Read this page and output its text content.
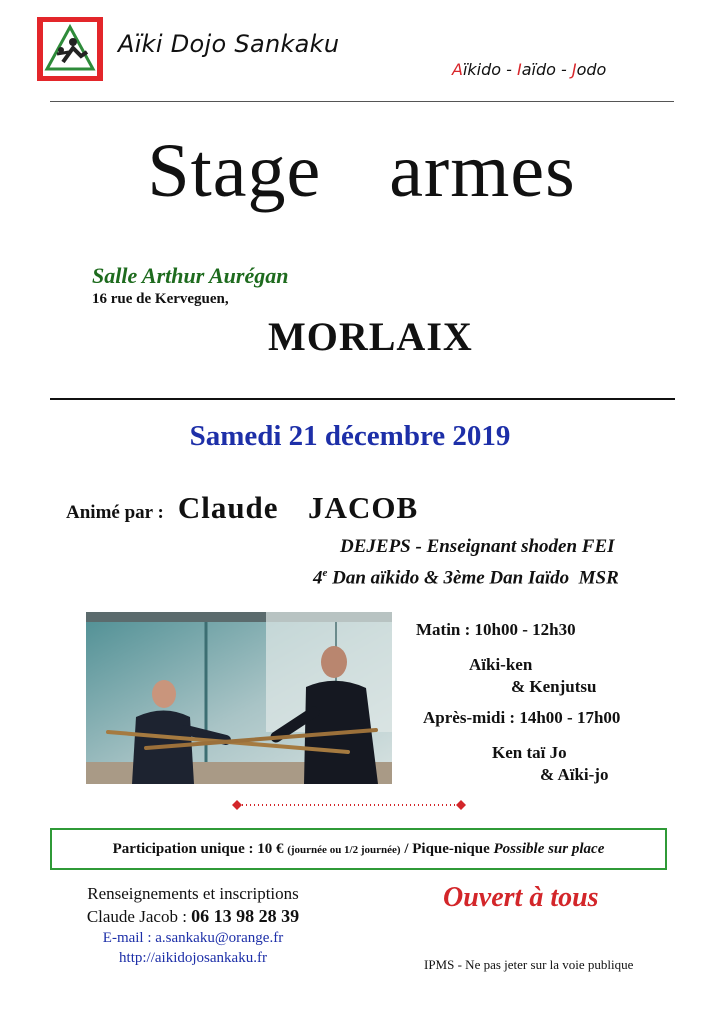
Aïki Dojo Sankaku
Aïkido - Iaïdo - Jodo
Stage  armes
Salle Arthur Aurégan
16 rue de Kerveguen,
MORLAIX
Samedi 21 décembre 2019
Animé par : Claude  JACOB
DEJEPS - Enseignant shoden FEI
4e Dan aïkido & 3ème Dan Iaïdo  MSR
Matin : 10h00 - 12h30
Aïki-ken
& Kenjutsu
Après-midi : 14h00 - 17h00
Ken taï Jo
& Aïki-jo
Participation unique : 10 € (journée ou 1/2 journée) / Pique-nique Possible sur place
Renseignements et inscriptions
Claude Jacob : 06 13 98 28 39
E-mail : a.sankaku@orange.fr
http://aikidojosankaku.fr
Ouvert à tous
IPMS - Ne pas jeter sur la voie publique
